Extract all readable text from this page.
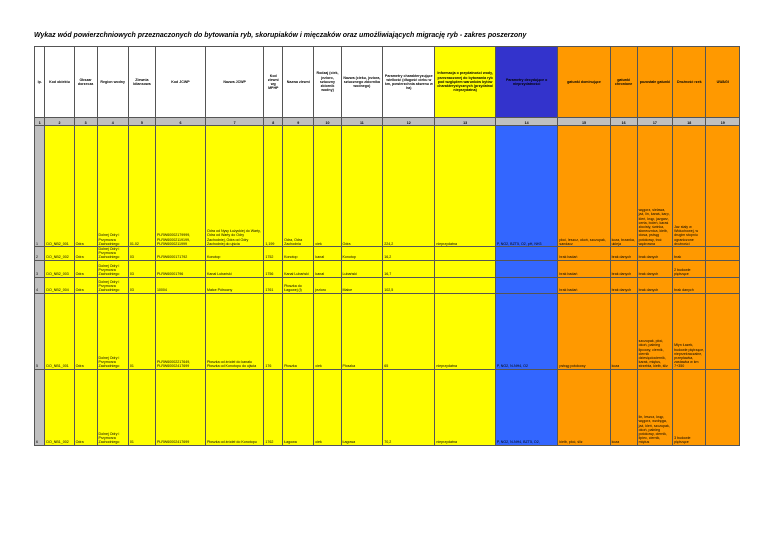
Wykaz wód powierzchniowych przeznaczonych do bytowania ryb, skorupiaków i mięczaków oraz umożliwiających migrację ryb - zakres poszerzony
lp.	Kod obiektu	Obszar dorzecza	Region wodny	Zlewnia bilansowa	Kod JCWP	Nazwa JCWP	Kod zlewni wg MPHP	Nazwa zlewni	Rodzaj (ciek, jezioro, sztuczny zbiornik wodny)	Nazwa (cieku, jeziora, sztucznego zbiornika wodnego)	Parametry charakteryzujące wielkość (długość cieku w km, powierzchnia akwenu w ha)	Informacja o przydatności wody, przeznaczonej do bytowania ryb pod względem warunków bytów charakterystycznych (przydatna/ nieprzydatna)	Parametry decydujące o nieprzydatności	gatunki dominujące	gatunki chronione	pozostałe gatunki	Drożność rzek	UWAGI
1	2	3	4	5	6	7	8	9	10	11	12	13	14	15	16	17	18	19
1	DO_NB2_001	Odra	Dolnej Odry i Przymorza Zachodniego	01.02	PLRW60002179999, PLRW60002119199, PLRW6000211999	Odra od Nysy Łużyckiej do Warty, Odra od Warty do Odry Zachodniej, Odra od Odry Zachodniej do ujścia	1,199	Odra, Odra Zachodnia	ciek	Odra	224,2	nieprzydatna	P, NO2, BZT5, O2, pH, NH3	płoć, leszcz, okoń, szczupak, sandacz	koza, brzanka, ukleja	węgorz, sielawa, jaź, lin, karaś, karp, kleń, krąp, jazgarz, certa, boleń, karaś złocisty, świnka, słonecznica, kiełb, ciosa, pstrąg potokowy, troć wędrowna	Jaz stały w Widuchowej, w drugim stopniu ograniczone drożności	
2	DO_NB2_002	Odra	Dolnej Odry i Przymorza Zachodniego	03	PLRW6000171792	Konotop	1752	Konotop	kanał	Konotop	16,2			brak badań	brak danych	brak danych	brak	
3	DO_NB2_003	Odra	Dolnej Odry i Przymorza Zachodniego	03	PLRW60001796	Kanał Lubański	1756	Kanał Lubański	kanał	Lubański	16,7			brak badań	brak danych	brak danych	2 budowle piętrzące	
4	DO_NB2_004	Odra	Dolnej Odry i Przymorza Zachodniego	03	10004	Małce Północny	1761	Płoszka do Łagowej (l)	jezioro	Małce	102,5			brak badań	brak danych	brak danych	brak danych	
5	DO_NB1_001	Odra	Dolnej Odry i Przymorza Zachodniego	01	PLRW60002217649, PLRW60002417699	Płoszka od źródeł do kanału Płoszka od Konotopu do ujścia	176	Płoszka	ciek	Płoszka	65	nieprzydatna	P, NO2, N-NH4, O2	pstrąg potokowy	koza	szczupak, płoć, okoń, palnieg lipcowy, ciernik, ciernik dziesięciociernik, karaś, miętus, strzebla, kiełb, śliz	Młyn Łazek, budowle piętrzące, nieprzekraczalne, przepławka, zastawka w km 7+350	
6	DO_NB1_002	Odra	Dolnej Odry i Przymorza Zachodniego	01	PLRW60002417699	Płoszka od źródeł do Konotopu	1762	Łagowa	ciek	Łagowa	70,2	nieprzydatna	P, NO2, N-NH4, BZT5, O2,	kiełb, płoć, śliz	koza	lin, leszcz, krąp, węgorz, wzdręga, jaź, kleń, szczupak, okoń, palnieg potokowy, ciernik, lipiec, ciernik, miętus	3 budowle piętrzące	
